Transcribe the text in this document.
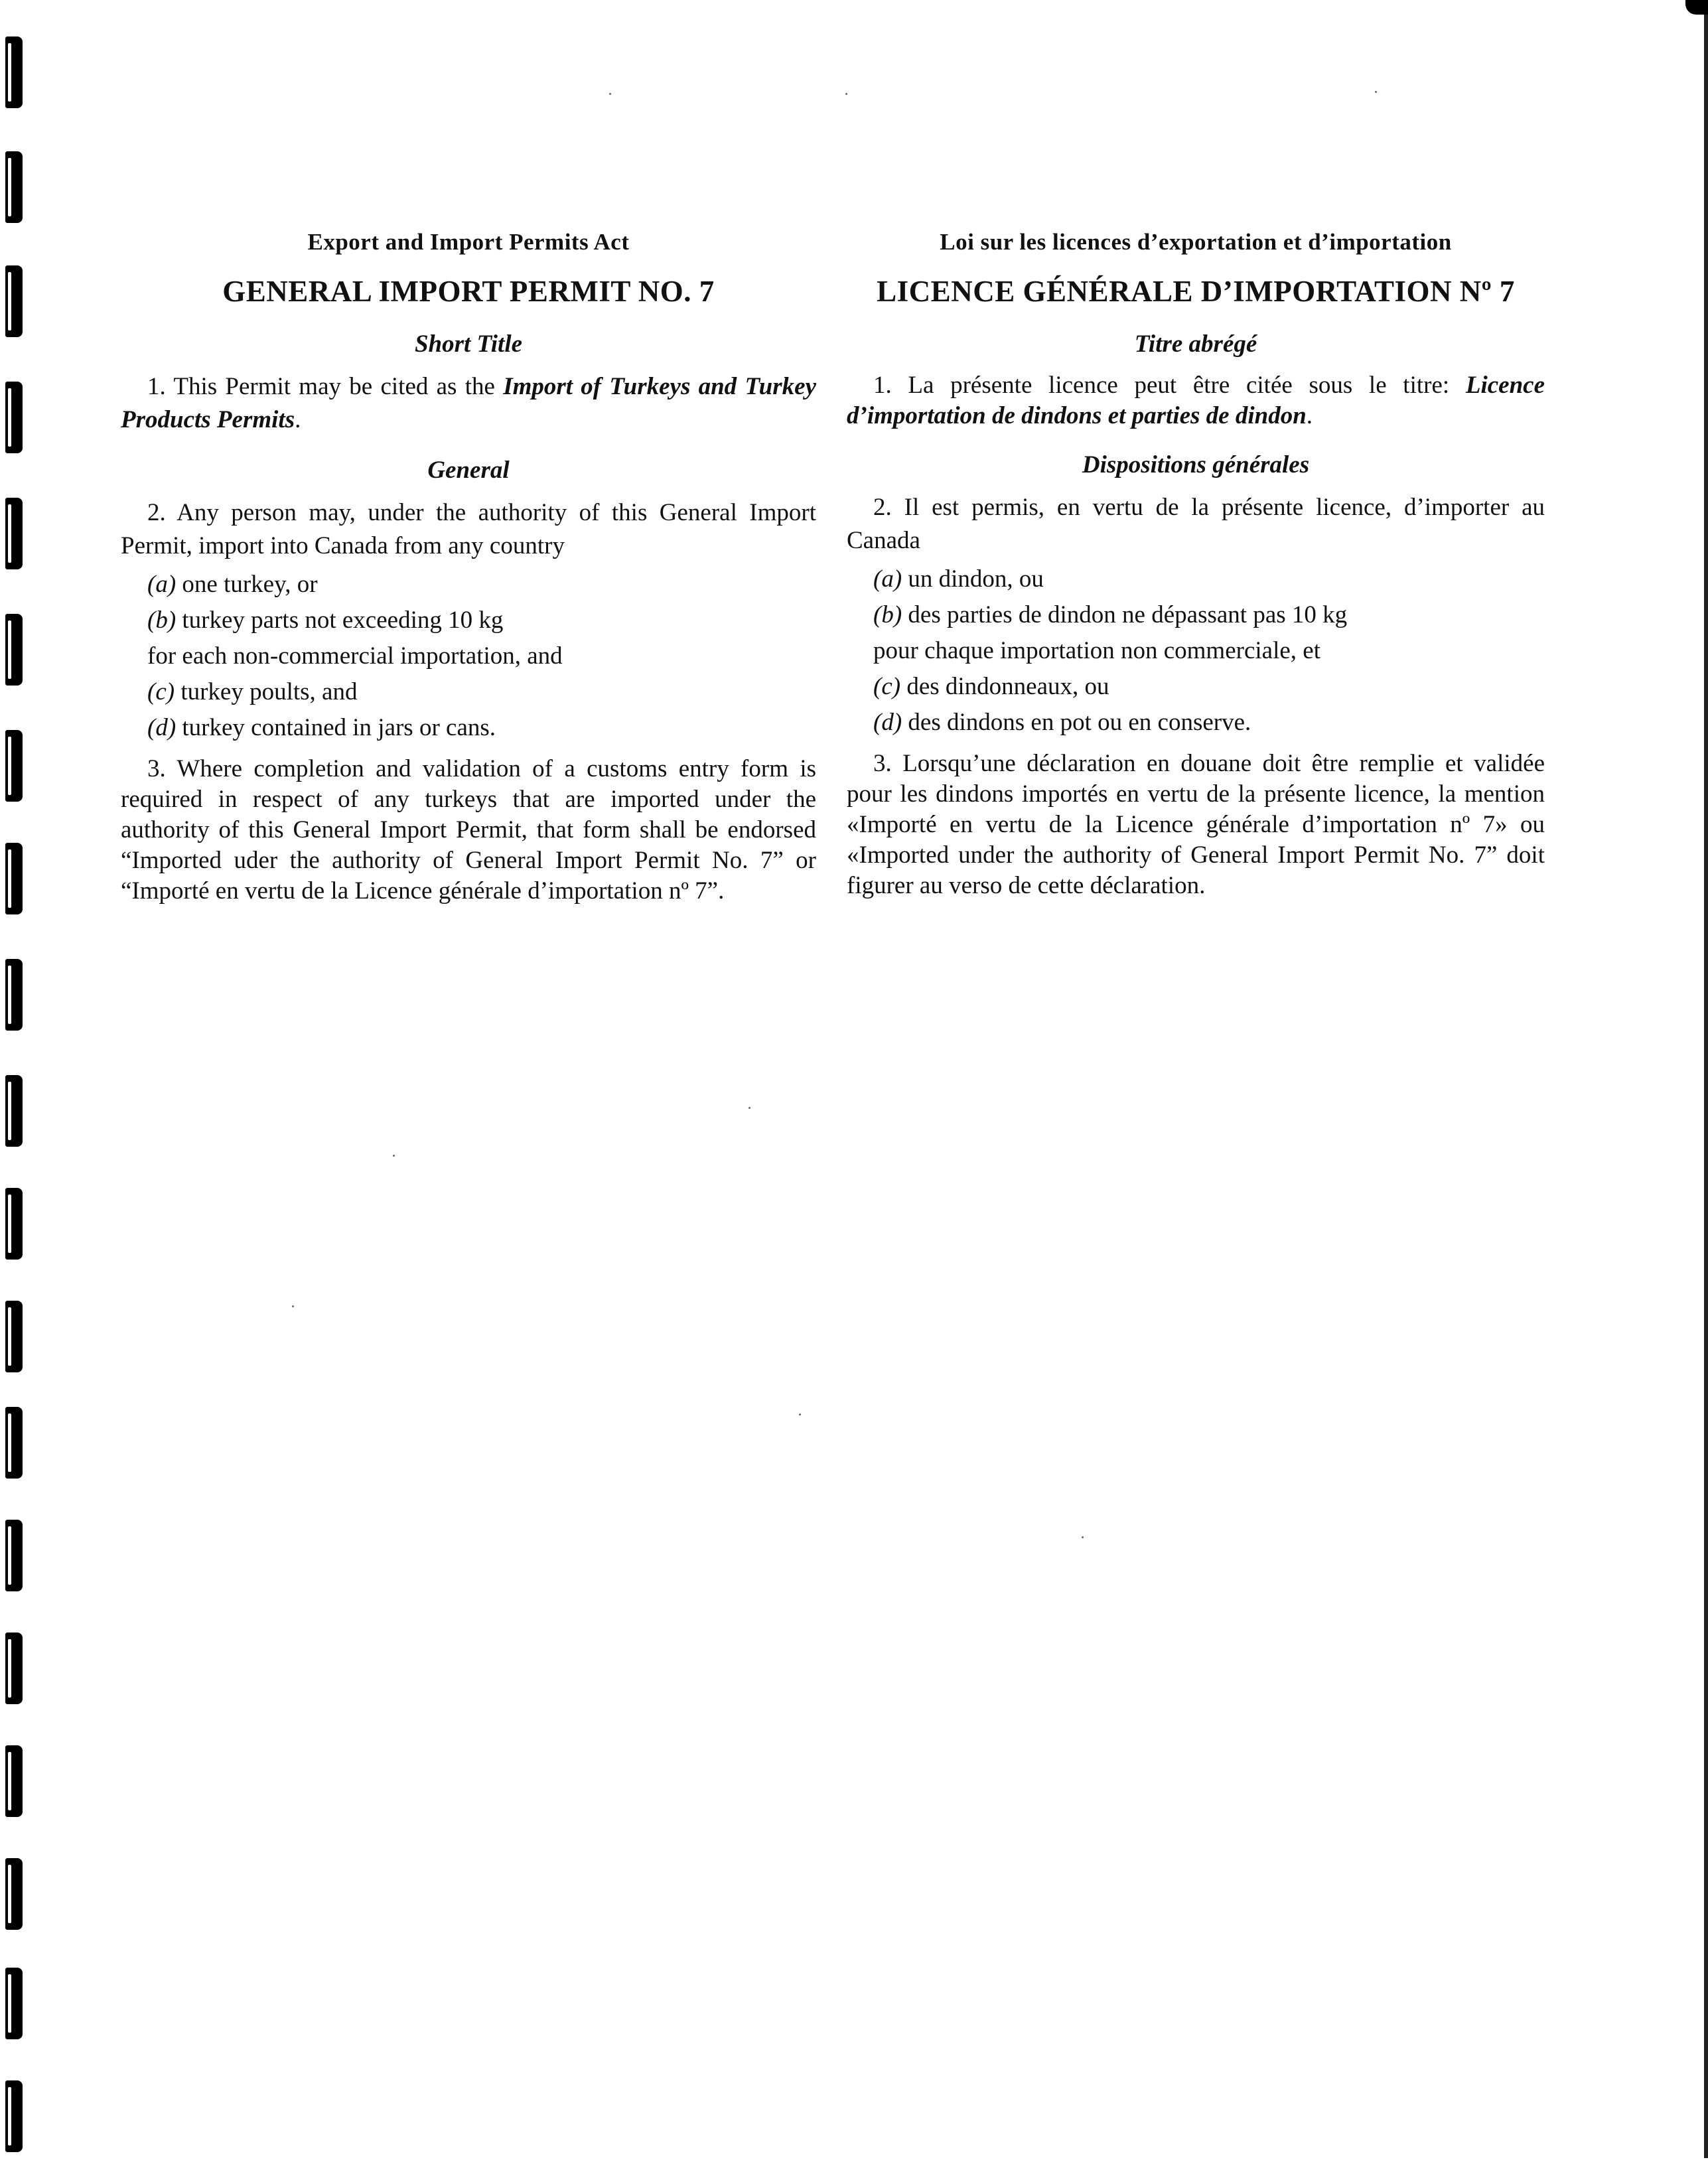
Export and Import Permits Act
GENERAL IMPORT PERMIT NO. 7
Short Title

1. This Permit may be cited as the Import of Turkeys and Turkey Products Permits.

General

2. Any person may, under the authority of this General Import Permit, import into Canada from any country

(a) one turkey, or
(b) turkey parts not exceeding 10 kg
for each non-commercial importation, and
(c) turkey poults, and
(d) turkey contained in jars or cans.

3. Where completion and validation of a customs entry form is required in respect of any turkeys that are imported under the authority of this General Import Permit, that form shall be endorsed “Imported uder the authority of General Import Permit No. 7” or “Importé en vertu de la Licence générale d’importation nº 7”.

Loi sur les licences d’exportation et d’importation
LICENCE GÉNÉRALE D’IMPORTATION Nº 7
Titre abrégé

1. La présente licence peut être citée sous le titre: Licence d’importation de dindons et parties de dindon.

Dispositions générales

2. Il est permis, en vertu de la présente licence, d’importer au Canada

(a) un dindon, ou
(b) des parties de dindon ne dépassant pas 10 kg
pour chaque importation non commerciale, et
(c) des dindonneaux, ou
(d) des dindons en pot ou en conserve.

3. Lorsqu’une déclaration en douane doit être remplie et validée pour les dindons importés en vertu de la présente licence, la mention «Importé en vertu de la Licence générale d’importation nº 7» ou «Imported under the authority of General Import Permit No. 7” doit figurer au verso de cette déclaration.
